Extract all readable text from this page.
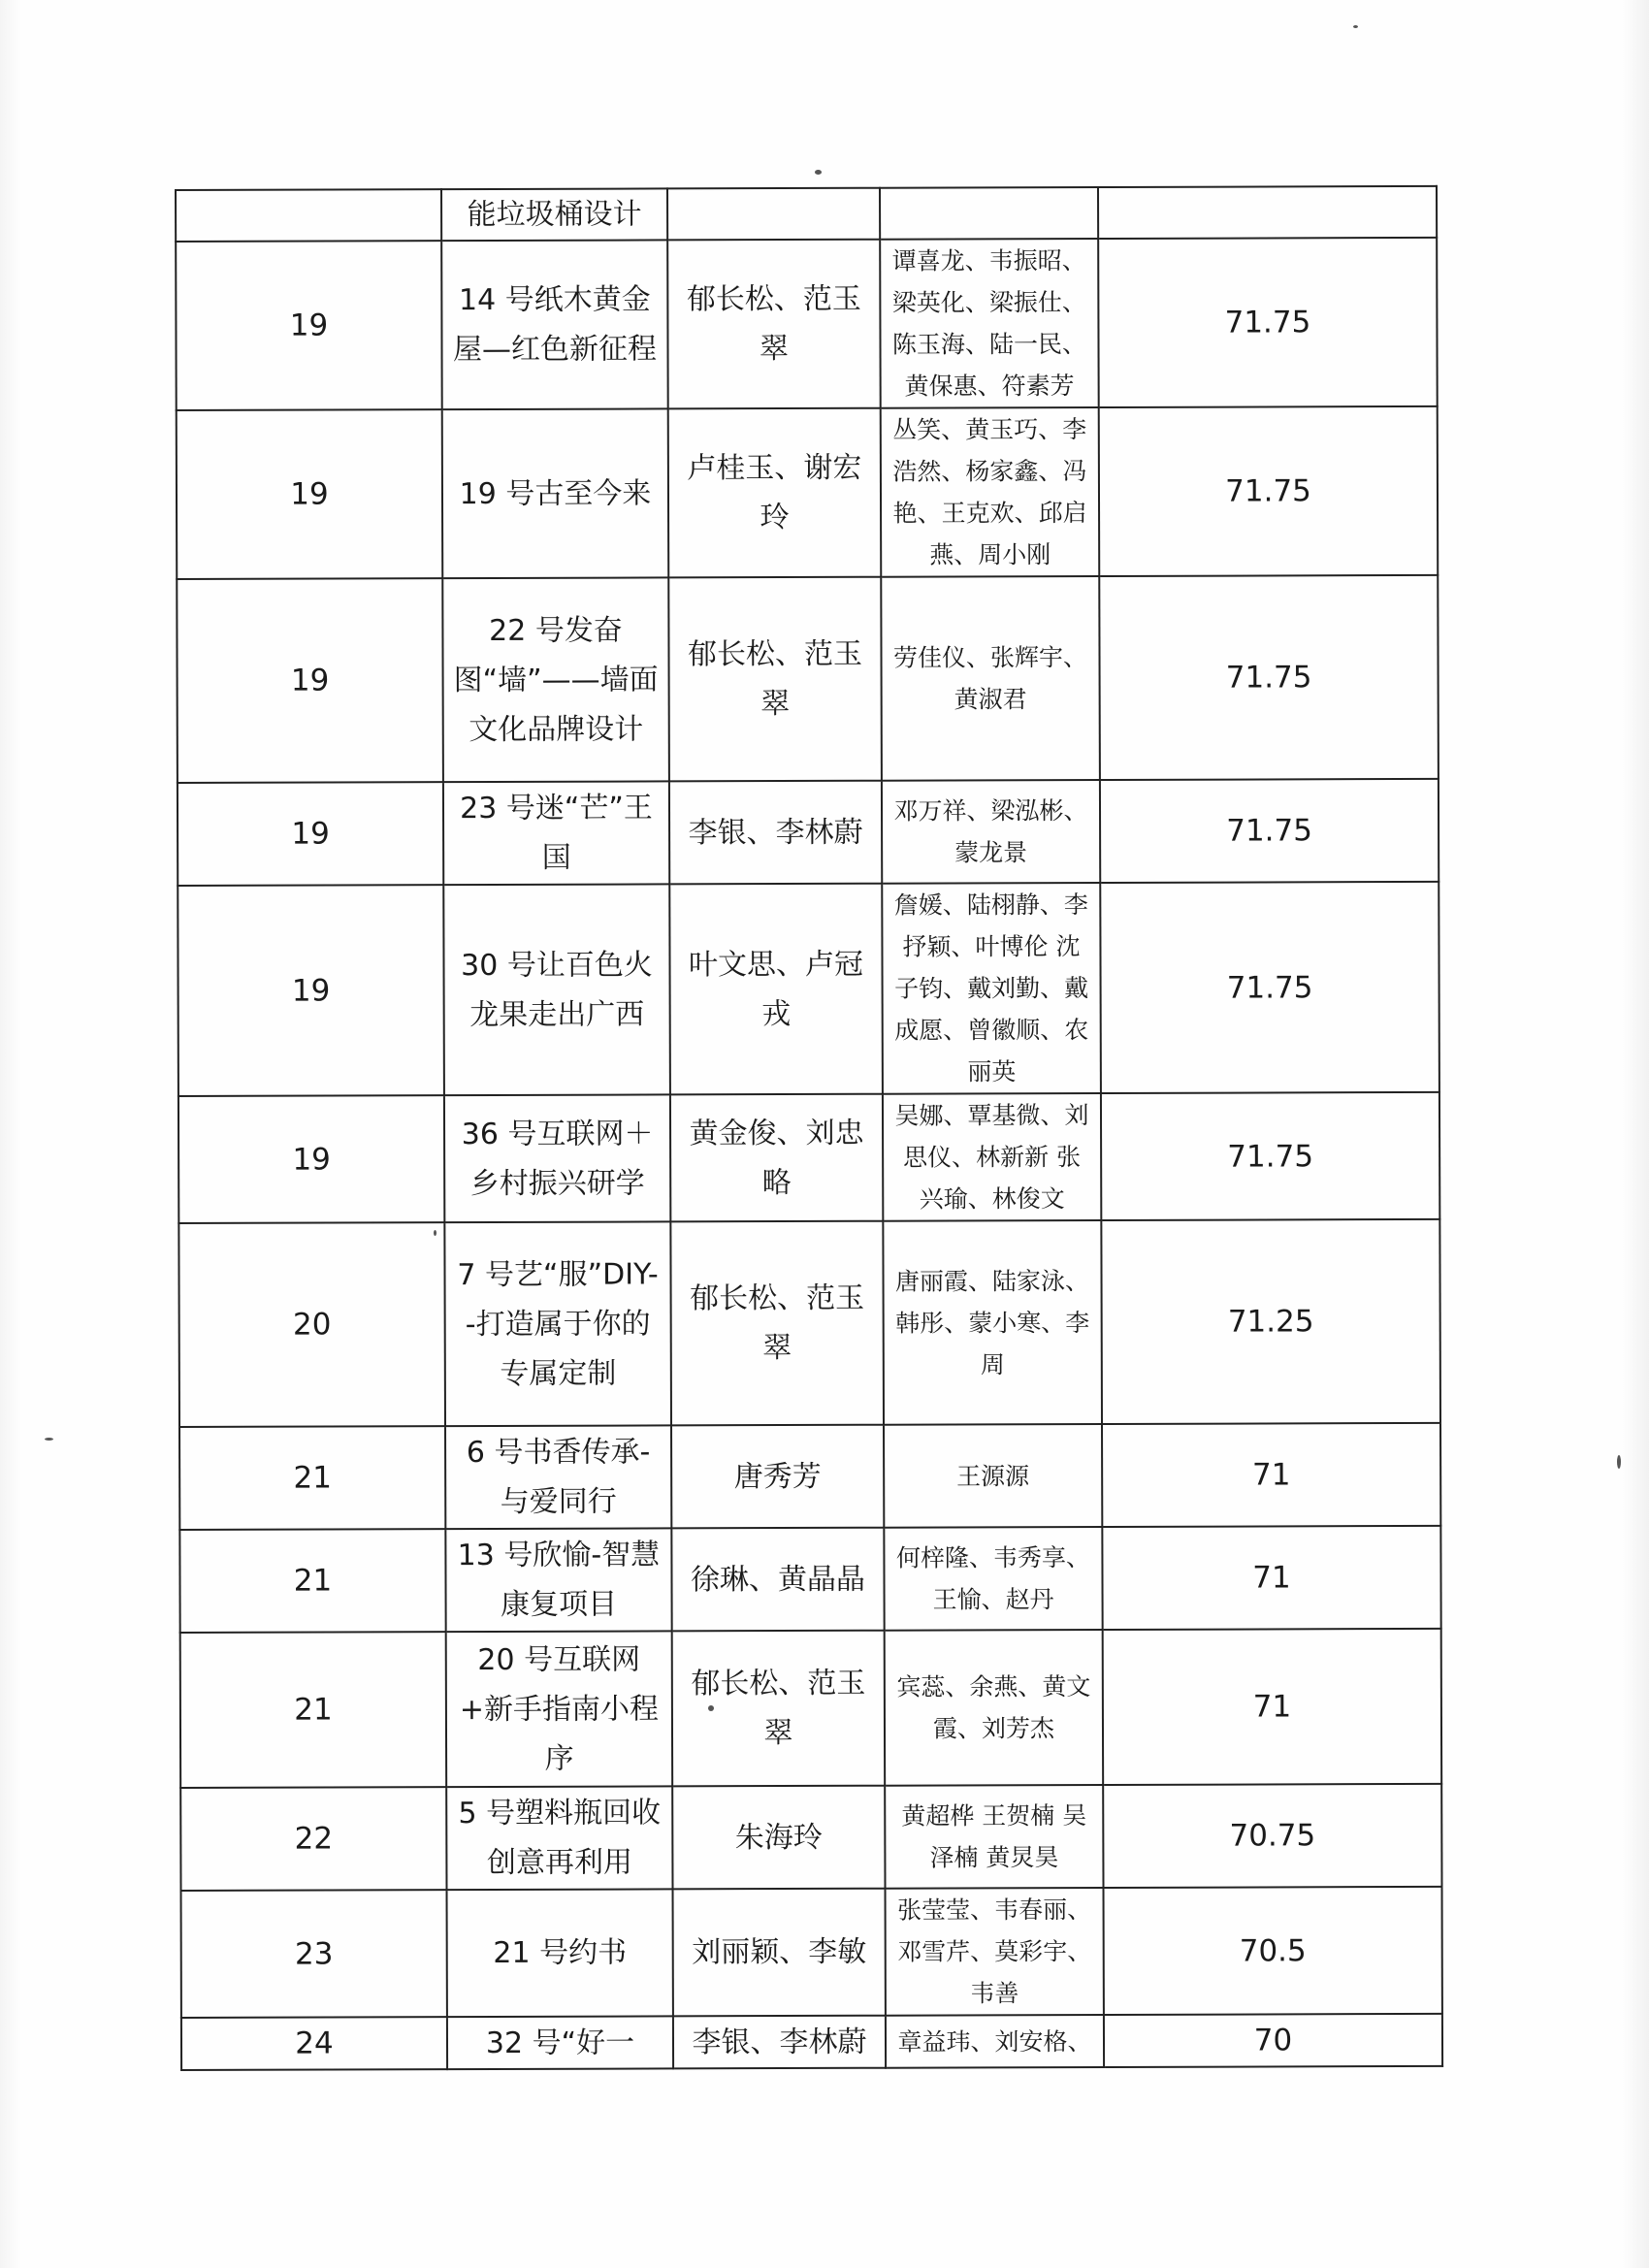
	能垃圾桶设计			
19	14 号纸木黄金屋—红色新征程	郁长松、范玉翠	谭喜龙、韦振昭、梁英化、梁振仕、陈玉海、陆一民、黄保惠、符素芳	71.75
19	19 号古至今来	卢桂玉、谢宏玲	丛笑、黄玉巧、李浩然、杨家鑫、冯艳、王克欢、邱启燕、周小刚	71.75
19	22 号发奋图“墙”——墙面文化品牌设计	郁长松、范玉翠	劳佳仪、张辉宇、黄淑君	71.75
19	23 号迷“芒”王国	李银、李林蔚	邓万祥、梁泓彬、蒙龙景	71.75
19	30 号让百色火龙果走出广西	叶文思、卢冠戎	詹媛、陆栩静、李抒颖、叶博伦 沈子钧、戴刘勤、戴成愿、曾徽顺、农丽英	71.75
19	36 号互联网＋乡村振兴研学	黄金俊、刘忠略	吴娜、覃基微、刘思仪、林新新 张兴瑜、林俊文	71.75
20	7 号艺“服”DIY--打造属于你的专属定制	郁长松、范玉翠	唐丽霞、陆家泳、韩彤、蒙小寒、李周	71.25
21	6 号书香传承-与爱同行	唐秀芳	王源源	71
21	13 号欣愉-智慧康复项目	徐琳、黄晶晶	何梓隆、韦秀享、王愉、赵丹	71
21	20 号互联网+新手指南小程序	郁长松、范玉翠	宾蕊、余燕、黄文霞、刘芳杰	71
22	5 号塑料瓶回收创意再利用	朱海玲	黄超桦 王贺楠 吴泽楠 黄炅昊	70.75
23	21 号约书	刘丽颖、李敏	张莹莹、韦春丽、邓雪芹、莫彩宇、韦善	70.5
24	32 号“好一	李银、李林蔚	章益玮、刘安格、	70
